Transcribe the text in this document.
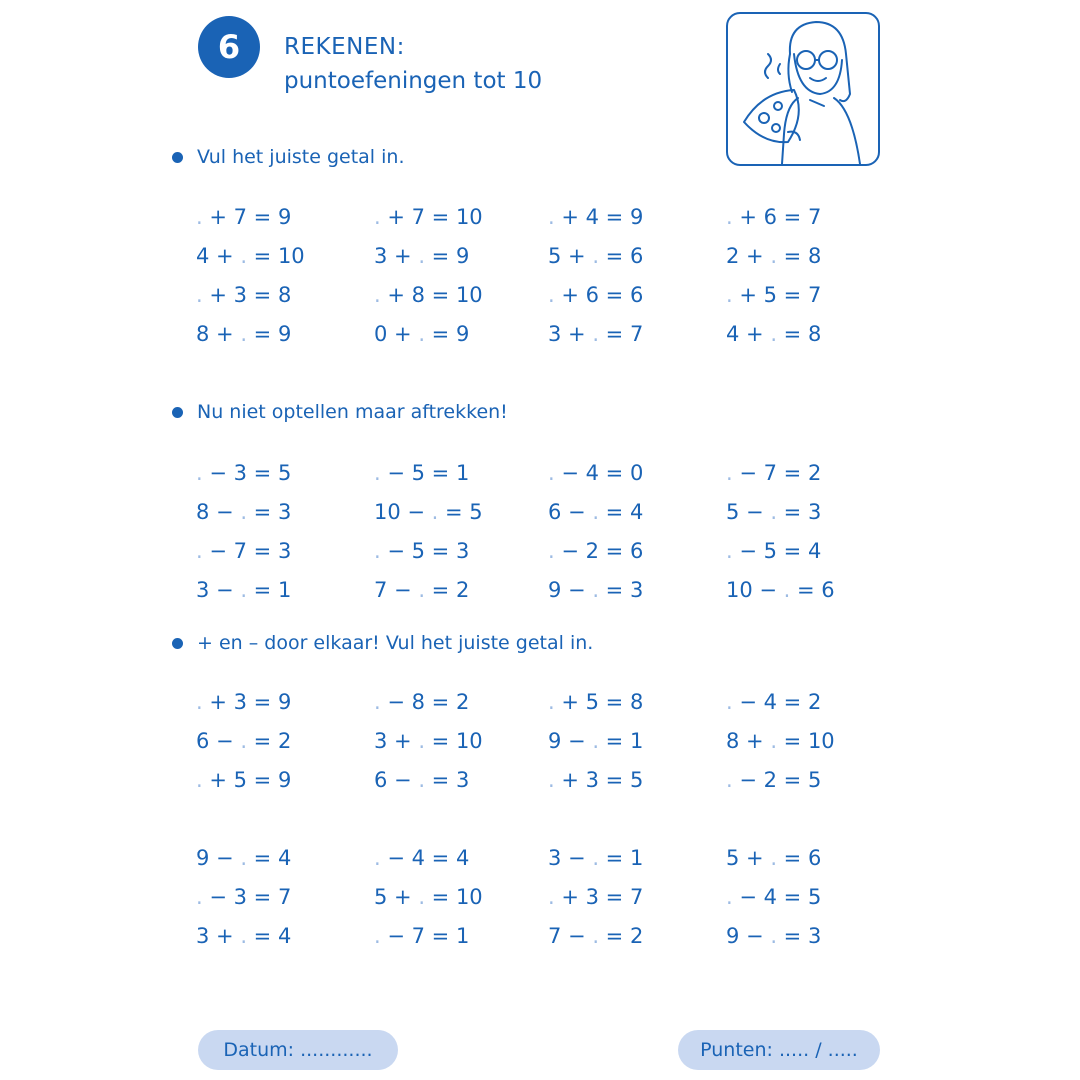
6	REKENEN:
puntoefeningen tot 10
Vul het juiste getal in.
. + 7 = 9	. + 7 = 10	. + 4 = 9	. + 6 = 7
4 + . = 10	3 + . = 9	5 + . = 6	2 + . = 8
. + 3 = 8	. + 8 = 10	. + 6 = 6	. + 5 = 7
8 + . = 9	0 + . = 9	3 + . = 7	4 + . = 8
Nu niet optellen maar aftrekken!
. − 3 = 5	. − 5 = 1	. − 4 = 0	. − 7 = 2
8 − . = 3	10 − . = 5	6 − . = 4	5 − . = 3
. − 7 = 3	. − 5 = 3	. − 2 = 6	. − 5 = 4
3 − . = 1	7 − . = 2	9 − . = 3	10 − . = 6
+ en – door elkaar! Vul het juiste getal in.
. + 3 = 9	. − 8 = 2	. + 5 = 8	. − 4 = 2
6 − . = 2	3 + . = 10	9 − . = 1	8 + . = 10
. + 5 = 9	6 − . = 3	. + 3 = 5	. − 2 = 5
9 − . = 4	. − 4 = 4	3 − . = 1	5 + . = 6
. − 3 = 7	5 + . = 10	. + 3 = 7	. − 4 = 5
3 + . = 4	. − 7 = 1	7 − . = 2	9 − . = 3
Datum: ............	Punten: ..... / .....
